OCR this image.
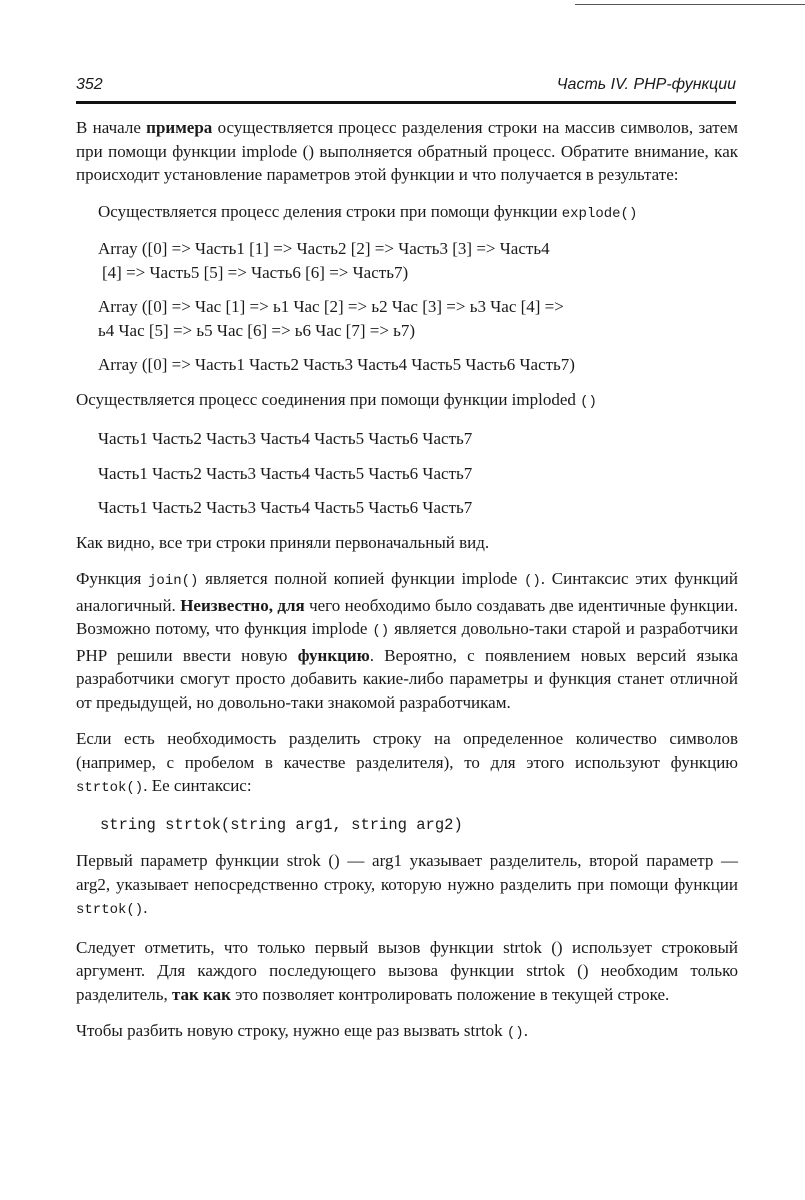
352	Часть IV. PHP-функции

В начале примера осуществляется процесс разделения строки на массив символов, затем при помощи функции implode () выполняется обратный процесс. Обратите внимание, как происходит установление параметров этой функции и что получается в результате:

Осуществляется процесс деления строки при помощи функции explode()

Array ([0] => Часть1 [1] => Часть2 [2] => Часть3 [3] => Часть4
[4] => Часть5 [5] => Часть6 [6] => Часть7)
Array ([0] => Час [1] => ь1 Час [2] => ь2 Час [3] => ь3 Час [4] =>
ь4 Час [5] => ь5 Час [6] => ь6 Час [7] => ь7)
Array ([0] => Часть1 Часть2 Часть3 Часть4 Часть5 Часть6 Часть7)

Осуществляется процесс соединения при помощи функции imploded ()

Часть1 Часть2 Часть3 Часть4 Часть5 Часть6 Часть7

Часть1 Часть2 Часть3 Часть4 Часть5 Часть6 Часть7

Часть1 Часть2 Часть3 Часть4 Часть5 Часть6 Часть7

Как видно, все три строки приняли первоначальный вид.

Функция join() является полной копией функции implode (). Синтаксис этих функций аналогичный. Неизвестно, для чего необходимо было создавать две идентичные функции. Возможно потому, что функция implode () является довольно-таки старой и разработчики PHP решили ввести новую функцию. Вероятно, с появлением новых версий языка разработчики смогут просто добавить какие-либо параметры и функция станет отличной от предыдущей, но довольно-таки знакомой разработчикам.

Если есть необходимость разделить строку на определенное количество символов (например, с пробелом в качестве разделителя), то для этого используют функцию strtok(). Ее синтаксис:

string strtok(string arg1, string arg2)

Первый параметр функции strok () — arg1 указывает разделитель, второй параметр — arg2, указывает непосредственно строку, которую нужно разделить при помощи функции strtok().

Следует отметить, что только первый вызов функции strtok () использует строковый аргумент. Для каждого последующего вызова функции strtok () необходим только разделитель, так как это позволяет контролировать положение в текущей строке.

Чтобы разбить новую строку, нужно еще раз вызвать strtok ().
